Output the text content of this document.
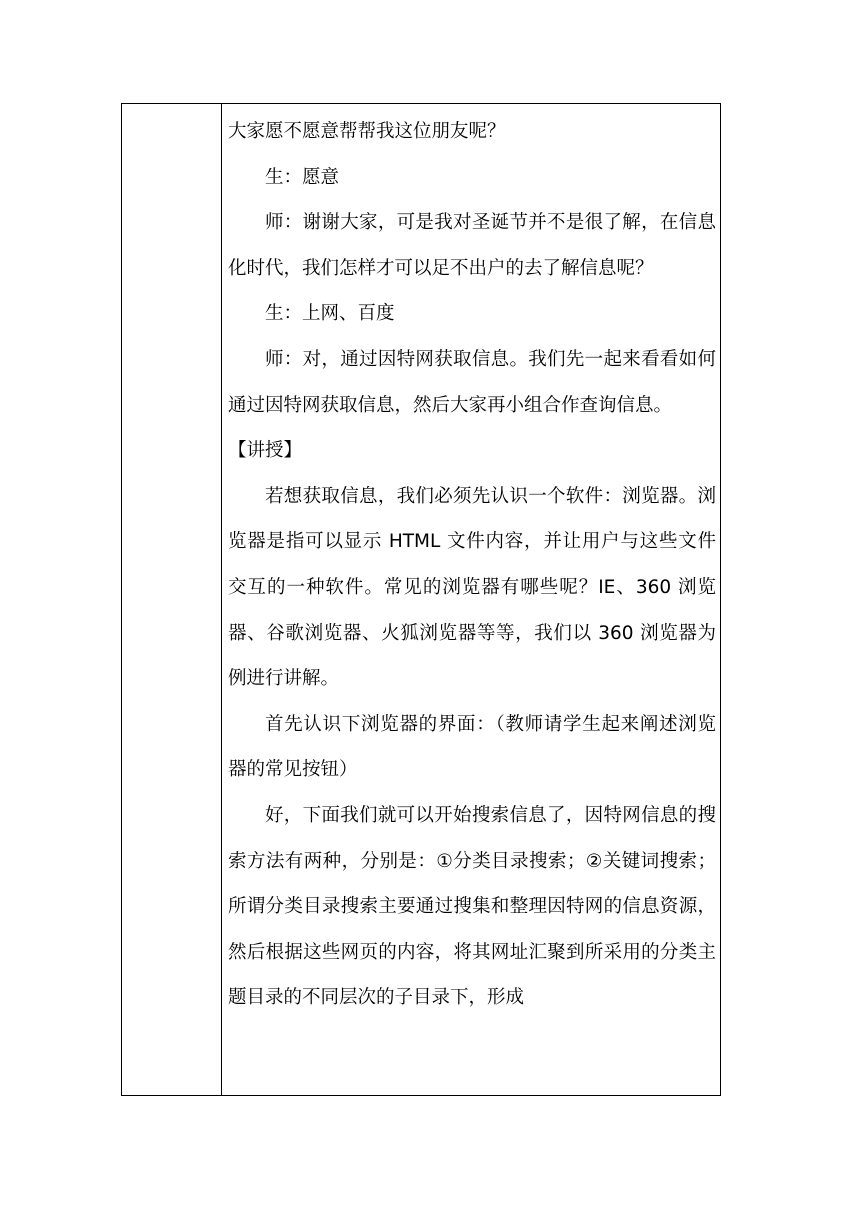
大家愿不愿意帮帮我这位朋友呢？

生：愿意

师：谢谢大家，可是我对圣诞节并不是很了解，在信息化时代，我们怎样才可以足不出户的去了解信息呢？

生：上网、百度

师：对，通过因特网获取信息。我们先一起来看看如何通过因特网获取信息，然后大家再小组合作查询信息。

【讲授】

若想获取信息，我们必须先认识一个软件：浏览器。浏览器是指可以显示 HTML 文件内容，并让用户与这些文件交互的一种软件。常见的浏览器有哪些呢？IE、360 浏览器、谷歌浏览器、火狐浏览器等等，我们以 360 浏览器为例进行讲解。

首先认识下浏览器的界面：（教师请学生起来阐述浏览器的常见按钮）

好，下面我们就可以开始搜索信息了，因特网信息的搜索方法有两种，分别是：①分类目录搜索；②关键词搜索；所谓分类目录搜索主要通过搜集和整理因特网的信息资源，然后根据这些网页的内容，将其网址汇聚到所采用的分类主题目录的不同层次的子目录下，形成
